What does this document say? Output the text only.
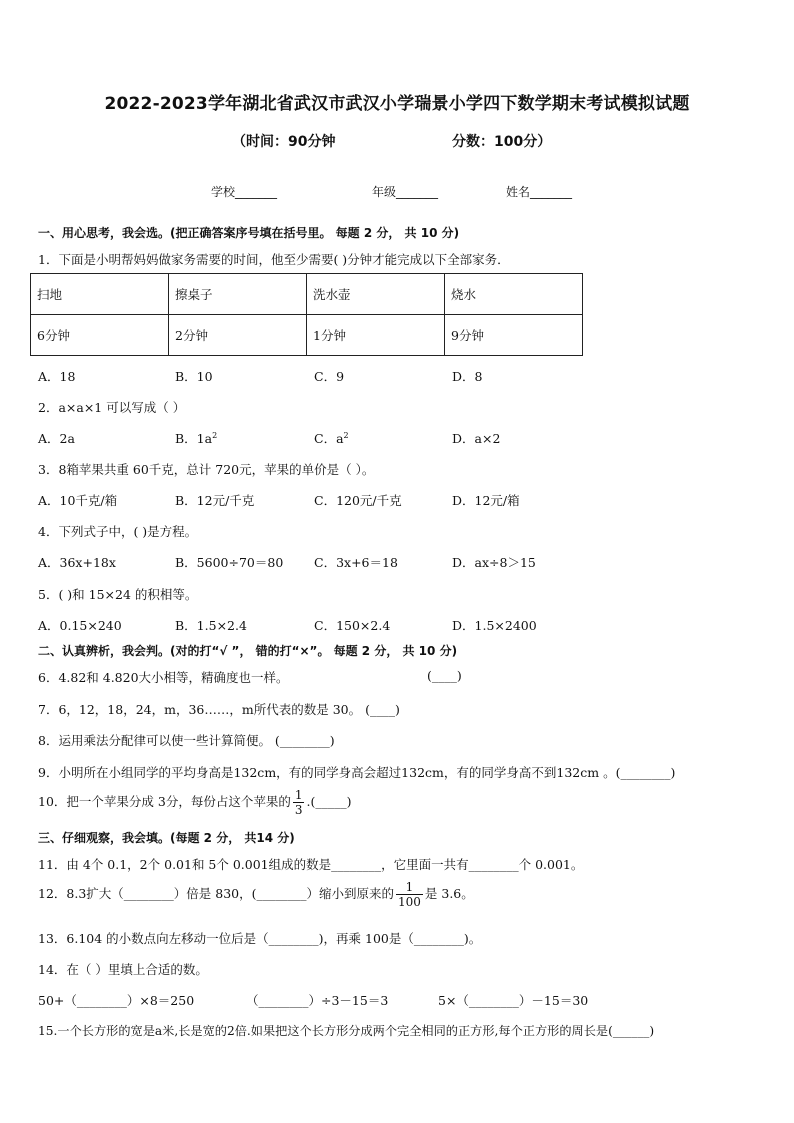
2022-2023学年湖北省武汉市武汉小学瑞景小学四下数学期末考试模拟试题
（时间：90分钟	分数：100分）
学校_______	年级_______	姓名_______
一、用心思考，我会选。(把正确答案序号填在括号里。 每题 2 分， 共 10 分)
1．下面是小明帮妈妈做家务需要的时间，他至少需要( )分钟才能完成以下全部家务．
扫地	擦桌子	洗水壶	烧水
6分钟	2分钟	1分钟	9分钟
A．18	B．10	C．9	D．8
2．a×a×1 可以写成（ ）
A．2a	B．$1a^2$	C．$a^2$	D．a×2
3．8箱苹果共重 60千克，总计 720元，苹果的单价是（ ）。
A．10千克/箱	B．12元/千克	C．120元/千克	D．12元/箱
4．下列式子中，( )是方程。
A．36x+18x	B．5600÷70＝80 C．3x+6＝18	D．ax÷8＞15
5．( )和 15×24 的积相等。
A．0.15×240	B．1.5×2.4	C．150×2.4	D．1.5×2400
二、认真辨析，我会判。(对的打“√ ”， 错的打“×”。 每题 2 分， 共 10 分)
6．4.82和 4.820大小相等，精确度也一样。	(____)
7．6，12，18，24，m，36……，m所代表的数是 30。 (____)
8．运用乘法分配律可以使一些计算简便。 (________)
9．小明所在小组同学的平均身高是132cm，有的同学身高会超过132cm，有的同学身高不到132cm 。(________)
10．把一个苹果分成 3分，每份占这个苹果的 $\frac{1}{3}$ .(_____)
三、仔细观察，我会填。(每题 2 分， 共14 分)
11．由 4个 0.1，2个 0.01和 5个 0.001组成的数是________，它里面一共有________个 0.001。
12．8.3扩大（________）倍是 830，(________）缩小到原来的 $\frac{1}{100}$ 是 3.6。
13．6.104 的小数点向左移动一位后是（________)，再乘 100是（________)。
14．在（ ）里填上合适的数。
50+（________）×8＝250	（________）÷3－15＝3	5×（________）－15＝30
15.一个长方形的宽是a米,长是宽的2倍.如果把这个长方形分成两个完全相同的正方形,每个正方形的周长是(______)
